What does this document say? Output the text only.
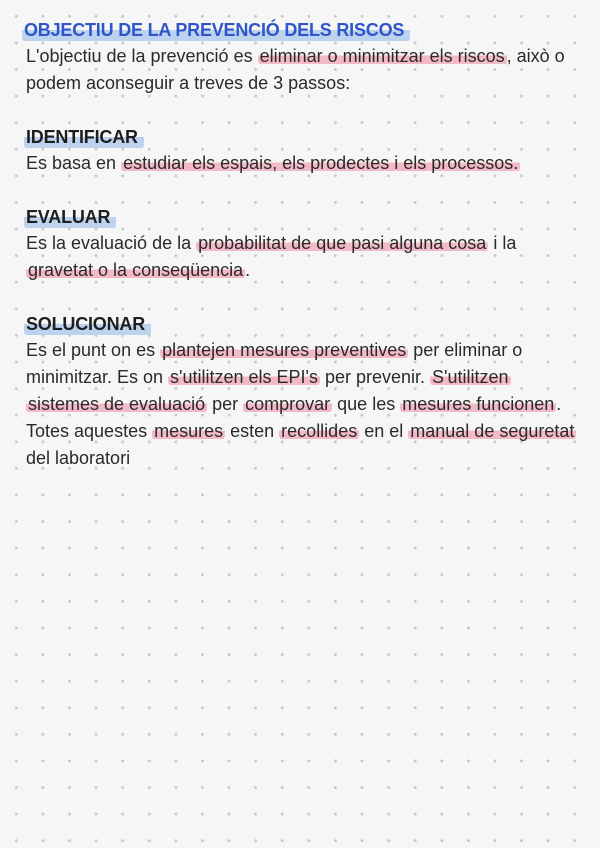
OBJECTIU DE LA PREVENCIÓ DELS RISCOS

L'objectiu de la prevenció es eliminar o minimitzar els riscos , això o podem aconseguir a treves de 3 passos:

IDENTIFICAR

Es basa en estudiar els espais, els prodectes i els processos.

EVALUAR

Es la evaluació de la probabilitat de que pasi alguna cosa i la gravetat o la conseqüencia .

SOLUCIONAR

Es el punt on es plantejen mesures preventives per eliminar o minimitzar. Es on s'utilitzen els EPI's per prevenir. S'utilitzen sistemes de evaluació per comprovar que les mesures funcionen . Totes aquestes mesures esten recollides en el manual de seguretat del laboratori
